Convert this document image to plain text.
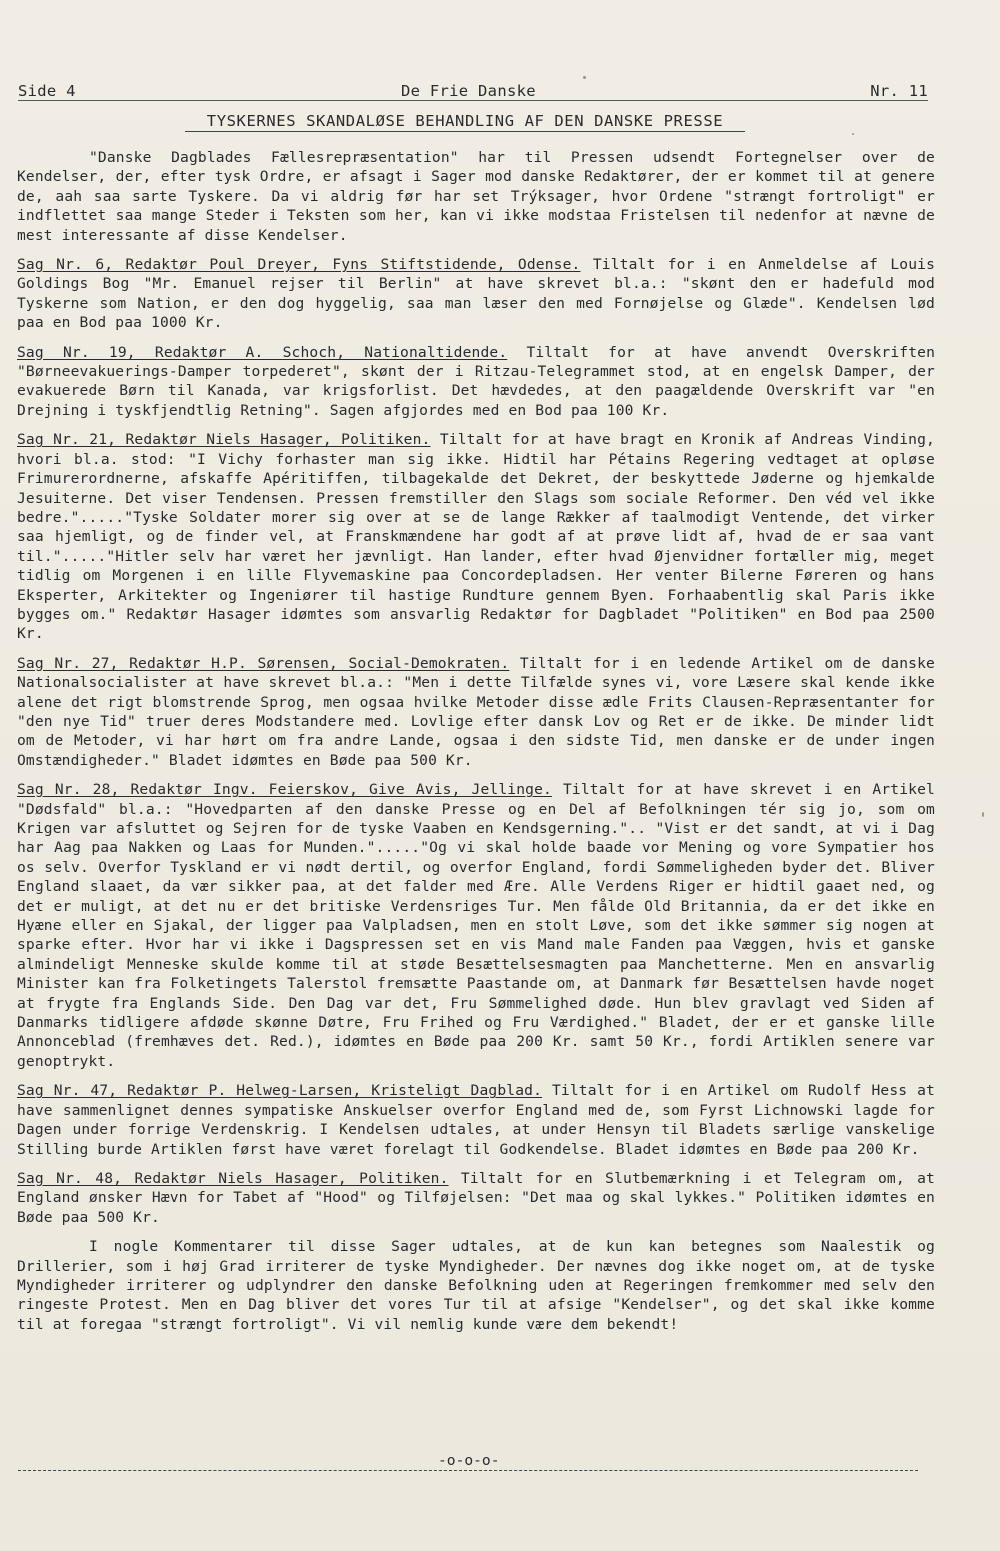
Side 4	De Frie Danske	Nr. 11
TYSKERNES SKANDALØSE BEHANDLING AF DEN DANSKE PRESSE

"Danske Dagblades Fællesrepræsentation" har til Pressen udsendt Fortegnelser over de Kendelser, der, efter tysk Ordre, er afsagt i Sager mod danske Redaktører, der er kommet til at genere de, aah saa sarte Tyskere. Da vi aldrig før har set Trýksager, hvor Ordene "strængt fortroligt" er indflettet saa mange Steder i Teksten som her, kan vi ikke modstaa Fristelsen til nedenfor at nævne de mest interessante af disse Kendelser.

Sag Nr. 6, Redaktør Poul Dreyer, Fyns Stiftstidende, Odense. Tiltalt for i en Anmeldelse af Louis Goldings Bog "Mr. Emanuel rejser til Berlin" at have skrevet bl.a.: "skønt den er hadefuld mod Tyskerne som Nation, er den dog hyggelig, saa man læser den med Fornøjelse og Glæde". Kendelsen lød paa en Bod paa 1000 Kr.

Sag Nr. 19, Redaktør A. Schoch, Nationaltidende. Tiltalt for at have anvendt Overskriften "Børneevakuerings-Damper torpederet", skønt der i Ritzau-Telegrammet stod, at en engelsk Damper, der evakuerede Børn til Kanada, var krigsforlist. Det hævdedes, at den paagældende Overskrift var "en Drejning i tyskfjendtlig Retning". Sagen afgjordes med en Bod paa 100 Kr.

Sag Nr. 21, Redaktør Niels Hasager, Politiken. Tiltalt for at have bragt en Kronik af Andreas Vinding, hvori bl.a. stod: "I Vichy forhaster man sig ikke. Hidtil har Pétains Regering vedtaget at opløse Frimurerordnerne, afskaffe Apéritiffen, tilbagekalde det Dekret, der beskyttede Jøderne og hjemkalde Jesuiterne. Det viser Tendensen. Pressen fremstiller den Slags som sociale Reformer. Den véd vel ikke bedre."....."Tyske Soldater morer sig over at se de lange Rækker af taalmodigt Ventende, det virker saa hjemligt, og de finder vel, at Franskmændene har godt af at prøve lidt af, hvad de er saa vant til."....."Hitler selv har været her jævnligt. Han lander, efter hvad Øjenvidner fortæller mig, meget tidlig om Morgenen i en lille Flyvemaskine paa Concordepladsen. Her venter Bilerne Føreren og hans Eksperter, Arkitekter og Ingeniører til hastige Rundture gennem Byen. Forhaabentlig skal Paris ikke bygges om." Redaktør Hasager idømtes som ansvarlig Redaktør for Dagbladet "Politiken" en Bod paa 2500 Kr.

Sag Nr. 27, Redaktør H.P. Sørensen, Social-Demokraten. Tiltalt for i en ledende Artikel om de danske Nationalsocialister at have skrevet bl.a.: "Men i dette Tilfælde synes vi, vore Læsere skal kende ikke alene det rigt blomstrende Sprog, men ogsaa hvilke Metoder disse ædle Frits Clausen-Repræsentanter for "den nye Tid" truer deres Modstandere med. Lovlige efter dansk Lov og Ret er de ikke. De minder lidt om de Metoder, vi har hørt om fra andre Lande, ogsaa i den sidste Tid, men danske er de under ingen Omstændigheder." Bladet idømtes en Bøde paa 500 Kr.

Sag Nr. 28, Redaktør Ingv. Feierskov, Give Avis, Jellinge. Tiltalt for at have skrevet i en Artikel "Dødsfald" bl.a.: "Hovedparten af den danske Presse og en Del af Befolkningen tér sig jo, som om Krigen var afsluttet og Sejren for de tyske Vaaben en Kendsgerning.".. "Vist er det sandt, at vi i Dag har Aag paa Nakken og Laas for Munden."....."Og vi skal holde baade vor Mening og vore Sympatier hos os selv. Overfor Tyskland er vi nødt dertil, og overfor England, fordi Sømmeligheden byder det. Bliver England slaaet, da vær sikker paa, at det falder med Ære. Alle Verdens Riger er hidtil gaaet ned, og det er muligt, at det nu er det britiske Verdensriges Tur. Men fålde Old Britannia, da er det ikke en Hyæne eller en Sjakal, der ligger paa Valpladsen, men en stolt Løve, som det ikke sømmer sig nogen at sparke efter. Hvor har vi ikke i Dagspressen set en vis Mand male Fanden paa Væggen, hvis et ganske almindeligt Menneske skulde komme til at støde Besættelsesmagten paa Manchetterne. Men en ansvarlig Minister kan fra Folketingets Talerstol fremsætte Paastande om, at Danmark før Besættelsen havde noget at frygte fra Englands Side. Den Dag var det, Fru Sømmelighed døde. Hun blev gravlagt ved Siden af Danmarks tidligere afdøde skønne Døtre, Fru Frihed og Fru Værdighed." Bladet, der er et ganske lille Annonceblad (fremhæves det. Red.), idømtes en Bøde paa 200 Kr. samt 50 Kr., fordi Artiklen senere var genoptrykt.

Sag Nr. 47, Redaktør P. Helweg-Larsen, Kristeligt Dagblad. Tiltalt for i en Artikel om Rudolf Hess at have sammenlignet dennes sympatiske Anskuelser overfor England med de, som Fyrst Lichnowski lagde for Dagen under forrige Verdenskrig. I Kendelsen udtales, at under Hensyn til Bladets særlige vanskelige Stilling burde Artiklen først have været forelagt til Godkendelse. Bladet idømtes en Bøde paa 200 Kr.

Sag Nr. 48, Redaktør Niels Hasager, Politiken. Tiltalt for en Slutbemærkning i et Telegram om, at England ønsker Hævn for Tabet af "Hood" og Tilføjelsen: "Det maa og skal lykkes." Politiken idømtes en Bøde paa 500 Kr.

I nogle Kommentarer til disse Sager udtales, at de kun kan betegnes som Naalestik og Drillerier, som i høj Grad irriterer de tyske Myndigheder. Der nævnes dog ikke noget om, at de tyske Myndigheder irriterer og udplyndrer den danske Befolkning uden at Regeringen fremkommer med selv den ringeste Protest. Men en Dag bliver det vores Tur til at afsige "Kendelser", og det skal ikke komme til at foregaa "strængt fortroligt". Vi vil nemlig kunde være dem bekendt!

-o-o-o-
